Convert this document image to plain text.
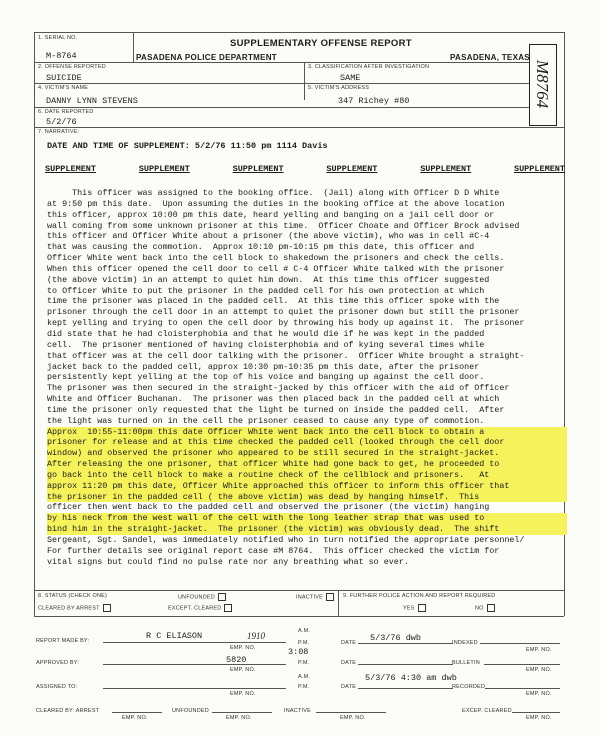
1. SERIAL NO.
M-8764
SUPPLEMENTARY OFFENSE REPORT
PASADENA POLICE DEPARTMENT	PASADENA, TEXAS
M8764
2. OFFENSE REPORTED
SUICIDE
3. CLASSIFICATION AFTER INVESTIGATION
SAME
4. VICTIM'S NAME
DANNY LYNN STEVENS
5. VICTIM'S ADDRESS
347 Richey #80
6. DATE REPORTED
5/2/76
7. NARRATIVE:
DATE AND TIME OF SUPPLEMENT: 5/2/76 11:50 pm 1114 Davis
SUPPLEMENT	SUPPLEMENT	SUPPLEMENT	SUPPLEMENT	SUPPLEMENT	SUPPLEMENT
This officer was assigned to the booking office.  (Jail) along with Officer D D White
at 9:50 pm this date.  Upon assuming the duties in the booking office at the above location
this officer, approx 10:00 pm this date, heard yelling and banging on a jail cell door or
wall coming from some unknown prisoner at this time.  Officer Choate and Officer Brock advised
this officer and Officer White about a prisoner (the above victim), who was in cell #C-4
that was causing the commotion.  Approx 10:10 pm-10:15 pm this date, this officer and
Officer White went back into the cell block to shakedown the prisoners and check the cells.
When this officer opened the cell door to cell # C-4 Officer White talked with the prisoner
(the above victim) in an attempt to quiet him down.  At this time this officer suggested
to Officer White to put the prisoner in the padded cell for his own protection at which
time the prisoner was placed in the padded cell.  At this time this officer spoke with the
prisoner through the cell door in an attempt to quiet the prisoner down but still the prisoner
kept yelling and trying to open the cell door by throwing his body up against it.  The prisoner
did state that he had cloisterphobia and that he would die if he was kept in the padded
cell.  The prisoner mentioned of having cloisterphobia and of kying several times while
that officer was at the cell door talking with the prisoner.  Officer White brought a straight-
jacket back to the padded cell, approx 10:30 pm-10:35 pm this date, after the prisoner
persistently kept yelling at the top of his voice and banging up against the cell door.
The prisoner was then secured in the straight-jacked by this officer with the aid of Officer
White and Officer Buchanan.  The prisoner was then placed back in the padded cell at which
time the prisoner only requested that the light be turned on inside the padded cell.  After
the light was turned on in the cell the prisoner ceased to cause any type of commotion.
Approx  10:55-11:00pm this date Officer White went back into the cell block to obtain a
prisoner for release and at this time checked the padded cell (looked through the cell door
window) and observed the prisoner who appeared to be still secured in the straight-jacket.
After releasing the one prisoner, that officer White had gone back to get, he proceeded to
go back into the cell block to make a routine check of the cellblock and prisoners.   At
approx 11:20 pm this date, Officer White approached this officer to inform this officer that
the prisoner in the padded cell ( the above victim) was dead by hanging himself.  This
officer then went back to the padded cell and observed the prisoner (the victim) hanging
by his neck from the west wall of the cell with the long leather strap that was used to
bind him in the straight-jacket.  The prisoner (the victim) was obviously dead.  The shift
Sergeant, Sgt. Sandel, was immediately notified who in turn notified the appropriate personnel/
For further details see original report case #M 8764.  This officer checked the victim for
vital signs but could find no pulse rate nor any breathing what so ever.
8. STATUS (CHECK ONE)	UNFOUNDED	INACTIVE	9. FURTHER POLICE ACTION AND REPORT REQUIRED
CLEARED BY ARREST	EXCEPT. CLEARED	YES	NO
REPORT MADE BY:	R C ELIASON	1910
EMP. NO.
A.M.
P.M.
3:08
DATE 5/3/76 dwb	INDEXED
EMP. NO.
APPROVED BY:	5820
EMP. NO.
P.M.	DATE	BULLETIN
EMP. NO.
ASSIGNED TO:
EMP. NO.
A.M.
P.M.
5/3/76 4:30 am dwb
DATE	RECORDED
EMP. NO.
CLEARED BY: ARREST
EMP. NO.
UNFOUNDED
EMP. NO.
INACTIVE
EMP. NO.
EXCEP. CLEARED
EMP. NO.
